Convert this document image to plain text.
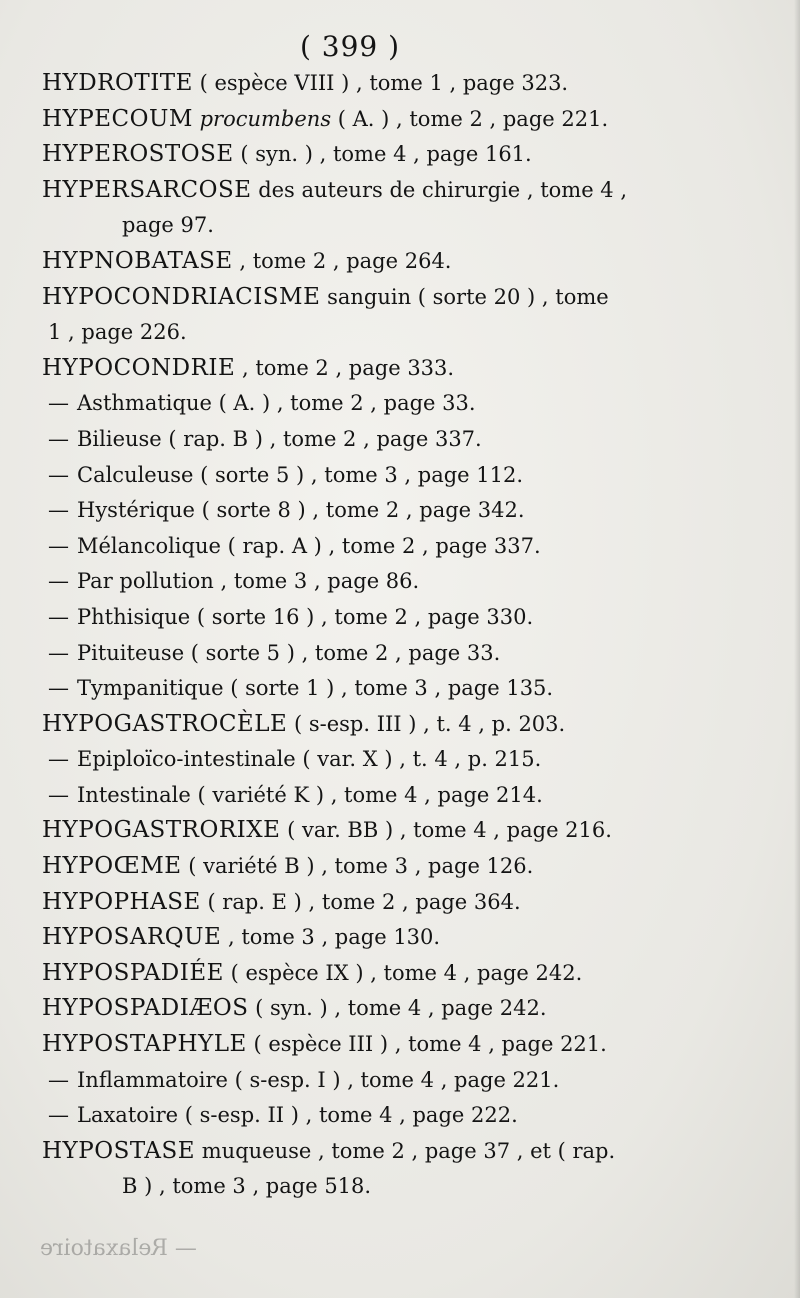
( 399 )
HYDROTITE ( espèce VIII ) , tome 1 , page 323.
HYPECOUM procumbens ( A. ) , tome 2 , page 221.
HYPEROSTOSE ( syn. ) , tome 4 , page 161.
HYPERSARCOSE des auteurs de chirurgie , tome 4 ,
page 97.
HYPNOBATASE , tome 2 , page 264.
HYPOCONDRIACISME sanguin ( sorte 20 ) , tome
1 , page 226.
HYPOCONDRIE , tome 2 , page 333.
— Asthmatique ( A. ) , tome 2 , page 33.
— Bilieuse ( rap. B ) , tome 2 , page 337.
— Calculeuse ( sorte 5 ) , tome 3 , page 112.
— Hystérique ( sorte 8 ) , tome 2 , page 342.
— Mélancolique ( rap. A ) , tome 2 , page 337.
— Par pollution , tome 3 , page 86.
— Phthisique ( sorte 16 ) , tome 2 , page 330.
— Pituiteuse ( sorte 5 ) , tome 2 , page 33.
— Tympanitique ( sorte 1 ) , tome 3 , page 135.
HYPOGASTROCÈLE ( s-esp. III ) , t. 4 , p. 203.
— Epiploïco-intestinale ( var. X ) , t. 4 , p. 215.
— Intestinale ( variété K ) , tome 4 , page 214.
HYPOGASTRORIXE ( var. BB ) , tome 4 , page 216.
HYPOŒME ( variété B ) , tome 3 , page 126.
HYPOPHASE ( rap. E ) , tome 2 , page 364.
HYPOSARQUE , tome 3 , page 130.
HYPOSPADIÉE ( espèce IX ) , tome 4 , page 242.
HYPOSPADIÆOS ( syn. ) , tome 4 , page 242.
HYPOSTAPHYLE ( espèce III ) , tome 4 , page 221.
— Inflammatoire ( s-esp. I ) , tome 4 , page 221.
— Laxatoire ( s-esp. II ) , tome 4 , page 222.
HYPOSTASE muqueuse , tome 2 , page 37 , et ( rap.
B ) , tome 3 , page 518.
— Relaxatoire
